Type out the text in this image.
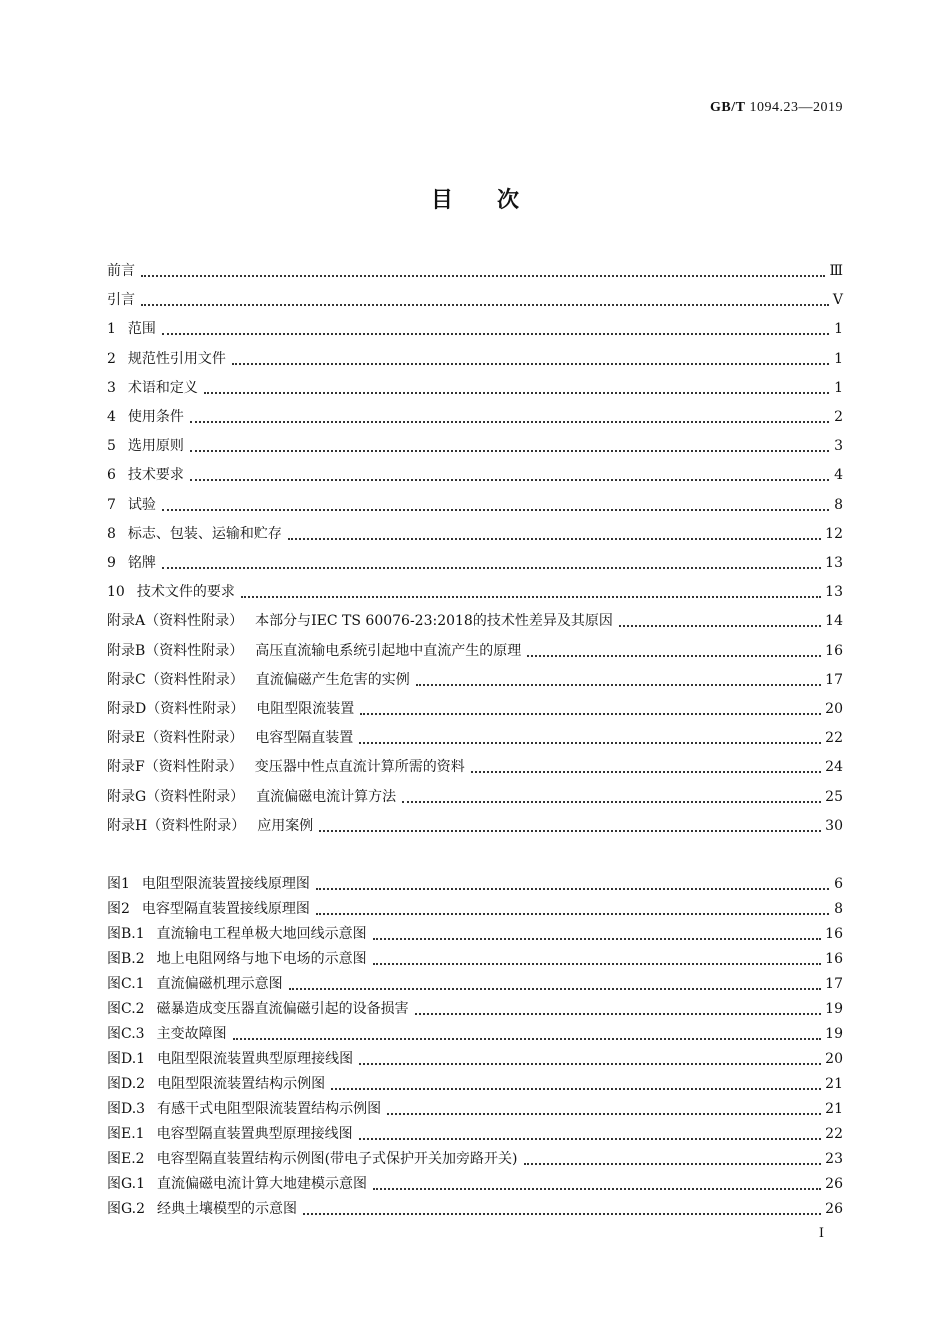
GB/T 1094.23—2019
目次
前言	Ⅲ
引言	Ⅴ
1 范围	1
2 规范性引用文件	1
3 术语和定义	1
4 使用条件	2
5 选用原则	3
6 技术要求	4
7 试验	8
8 标志、包装、运输和贮存	12
9 铭牌	13
10 技术文件的要求	13
附录A（资料性附录） 本部分与IEC TS 60076-23:2018的技术性差异及其原因	14
附录B（资料性附录） 高压直流输电系统引起地中直流产生的原理	16
附录C（资料性附录） 直流偏磁产生危害的实例	17
附录D（资料性附录） 电阻型限流装置	20
附录E（资料性附录） 电容型隔直装置	22
附录F（资料性附录） 变压器中性点直流计算所需的资料	24
附录G（资料性附录） 直流偏磁电流计算方法	25
附录H（资料性附录） 应用案例	30
图1 电阻型限流装置接线原理图	6
图2 电容型隔直装置接线原理图	8
图B.1 直流输电工程单极大地回线示意图	16
图B.2 地上电阻网络与地下电场的示意图	16
图C.1 直流偏磁机理示意图	17
图C.2 磁暴造成变压器直流偏磁引起的设备损害	19
图C.3 主变故障图	19
图D.1 电阻型限流装置典型原理接线图	20
图D.2 电阻型限流装置结构示例图	21
图D.3 有感干式电阻型限流装置结构示例图	21
图E.1 电容型隔直装置典型原理接线图	22
图E.2 电容型隔直装置结构示例图(带电子式保护开关加旁路开关)	23
图G.1 直流偏磁电流计算大地建模示意图	26
图G.2 经典土壤模型的示意图	26
I
